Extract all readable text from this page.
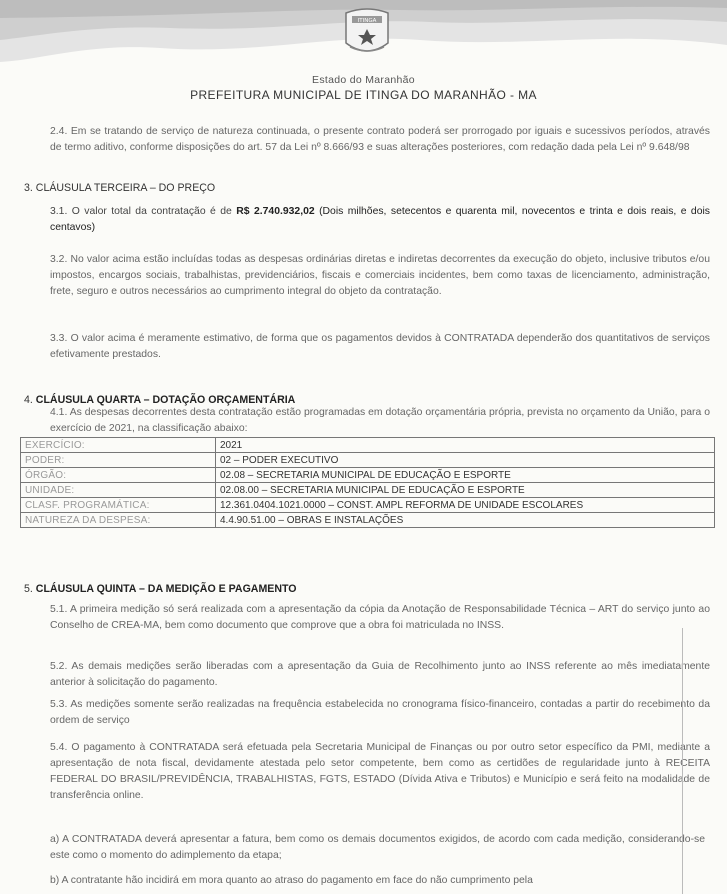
ITINGA
Estado do Maranhão
PREFEITURA MUNICIPAL DE ITINGA DO MARANHÃO - MA

2.4. Em se tratando de serviço de natureza continuada, o presente contrato poderá ser prorrogado por iguais e sucessivos períodos, através de termo aditivo, conforme disposições do art. 57 da Lei nº 8.666/93 e suas alterações posteriores, com redação dada pela Lei nº 9.648/98

3. CLÁUSULA TERCEIRA – DO PREÇO

3.1. O valor total da contratação é de R$ 2.740.932,02 (Dois milhões, setecentos e quarenta mil, novecentos e trinta e dois reais, e dois centavos)

3.2. No valor acima estão incluídas todas as despesas ordinárias diretas e indiretas decorrentes da execução do objeto, inclusive tributos e/ou impostos, encargos sociais, trabalhistas, previdenciários, fiscais e comerciais incidentes, bem como taxas de licenciamento, administração, frete, seguro e outros necessários ao cumprimento integral do objeto da contratação.

3.3. O valor acima é meramente estimativo, de forma que os pagamentos devidos à CONTRATADA dependerão dos quantitativos de serviços efetivamente prestados.

4. CLÁUSULA QUARTA – DOTAÇÃO ORÇAMENTÁRIA

4.1. As despesas decorrentes desta contratação estão programadas em dotação orçamentária própria, prevista no orçamento da União, para o exercício de 2021, na classificação abaixo:

EXERCÍCIO:	2021
PODER:	02 – PODER EXECUTIVO
ÓRGÃO:	02.08 – SECRETARIA MUNICIPAL DE EDUCAÇÃO E ESPORTE
UNIDADE:	02.08.00 – SECRETARIA MUNICIPAL DE EDUCAÇÃO E ESPORTE
CLASF. PROGRAMÁTICA:	12.361.0404.1021.0000 – CONST. AMPL REFORMA DE UNIDADE ESCOLARES
NATUREZA DA DESPESA:	4.4.90.51.00 – OBRAS E INSTALAÇÕES
5. CLÁUSULA QUINTA – DA MEDIÇÃO E PAGAMENTO

5.1. A primeira medição só será realizada com a apresentação da cópia da Anotação de Responsabilidade Técnica – ART do serviço junto ao Conselho de CREA-MA, bem como documento que comprove que a obra foi matriculada no INSS.

5.2. As demais medições serão liberadas com a apresentação da Guia de Recolhimento junto ao INSS referente ao mês imediatamente anterior à solicitação do pagamento.

5.3. As medições somente serão realizadas na frequência estabelecida no cronograma físico-financeiro, contadas a partir do recebimento da ordem de serviço

5.4. O pagamento à CONTRATADA será efetuada pela Secretaria Municipal de Finanças ou por outro setor específico da PMI, mediante a apresentação de nota fiscal, devidamente atestada pelo setor competente, bem como as certidões de regularidade junto à RECEITA FEDERAL DO BRASIL/PREVIDÊNCIA, TRABALHISTAS, FGTS, ESTADO (Dívida Ativa e Tributos) e Município e será feito na modalidade de transferência online.

a) A CONTRATADA deverá apresentar a fatura, bem como os demais documentos exigidos, de acordo com cada medição, considerando-se este como o momento do adimplemento da etapa;

b) A contratante hão incidirá em mora quanto ao atraso do pagamento em face do não cumprimento pela
